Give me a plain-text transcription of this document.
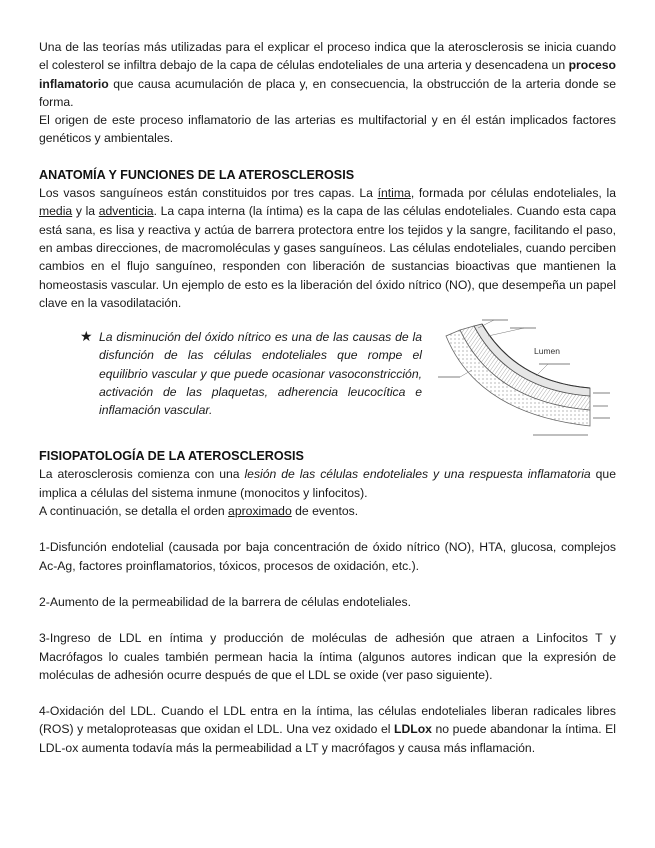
Una de las teorías más utilizadas para el explicar el proceso indica que la aterosclerosis se inicia cuando el colesterol se infiltra debajo de la capa de células endoteliales de una arteria y desencadena un proceso inflamatorio que causa acumulación de placa y, en consecuencia, la obstrucción de la arteria donde se forma.

El origen de este proceso inflamatorio de las arterias es multifactorial y en él están implicados factores genéticos y ambientales.

ANATOMÍA Y FUNCIONES DE LA ATEROSCLEROSIS

Los vasos sanguíneos están constituidos por tres capas. La íntima, formada por células endoteliales, la media y la adventicia. La capa interna (la íntima) es la capa de las células endoteliales. Cuando esta capa está sana, es lisa y reactiva y actúa de barrera protectora entre los tejidos y la sangre, facilitando el paso, en ambas direcciones, de macromoléculas y gases sanguíneos. Las células endoteliales, cuando perciben cambios en el flujo sanguíneo, responden con liberación de sustancias bioactivas que mantienen la homeostasis vascular. Un ejemplo de esto es la liberación del óxido nítrico (NO), que desempeña un papel clave en la vasodilatación.

★ La disminución del óxido nítrico es una de las causas de la disfunción de las células endoteliales que rompe el equilibrio vascular y que puede ocasionar vasoconstricción, activación de las plaquetas, adherencia leucocítica e inflamación vascular.

Lumen
FISIOPATOLOGÍA DE LA ATEROSCLEROSIS

La aterosclerosis comienza con una lesión de las células endoteliales y una respuesta inflamatoria que implica a células del sistema inmune (monocitos y linfocitos).

A continuación, se detalla el orden aproximado de eventos.

1-Disfunción endotelial (causada por baja concentración de óxido nítrico (NO), HTA, glucosa, complejos Ac-Ag, factores proinflamatorios, tóxicos, procesos de oxidación, etc.).

2-Aumento de la permeabilidad de la barrera de células endoteliales.

3-Ingreso de LDL en íntima y producción de moléculas de adhesión que atraen a Linfocitos T y Macrófagos lo cuales también permean hacia la íntima (algunos autores indican que la expresión de moléculas de adhesión ocurre después de que el LDL se oxide (ver paso siguiente).

4-Oxidación del LDL. Cuando el LDL entra en la íntima, las células endoteliales liberan radicales libres (ROS) y metaloproteasas que oxidan el LDL. Una vez oxidado el LDLox no puede abandonar la íntima. El LDL-ox aumenta todavía más la permeabilidad a LT y macrófagos y causa más inflamación.
